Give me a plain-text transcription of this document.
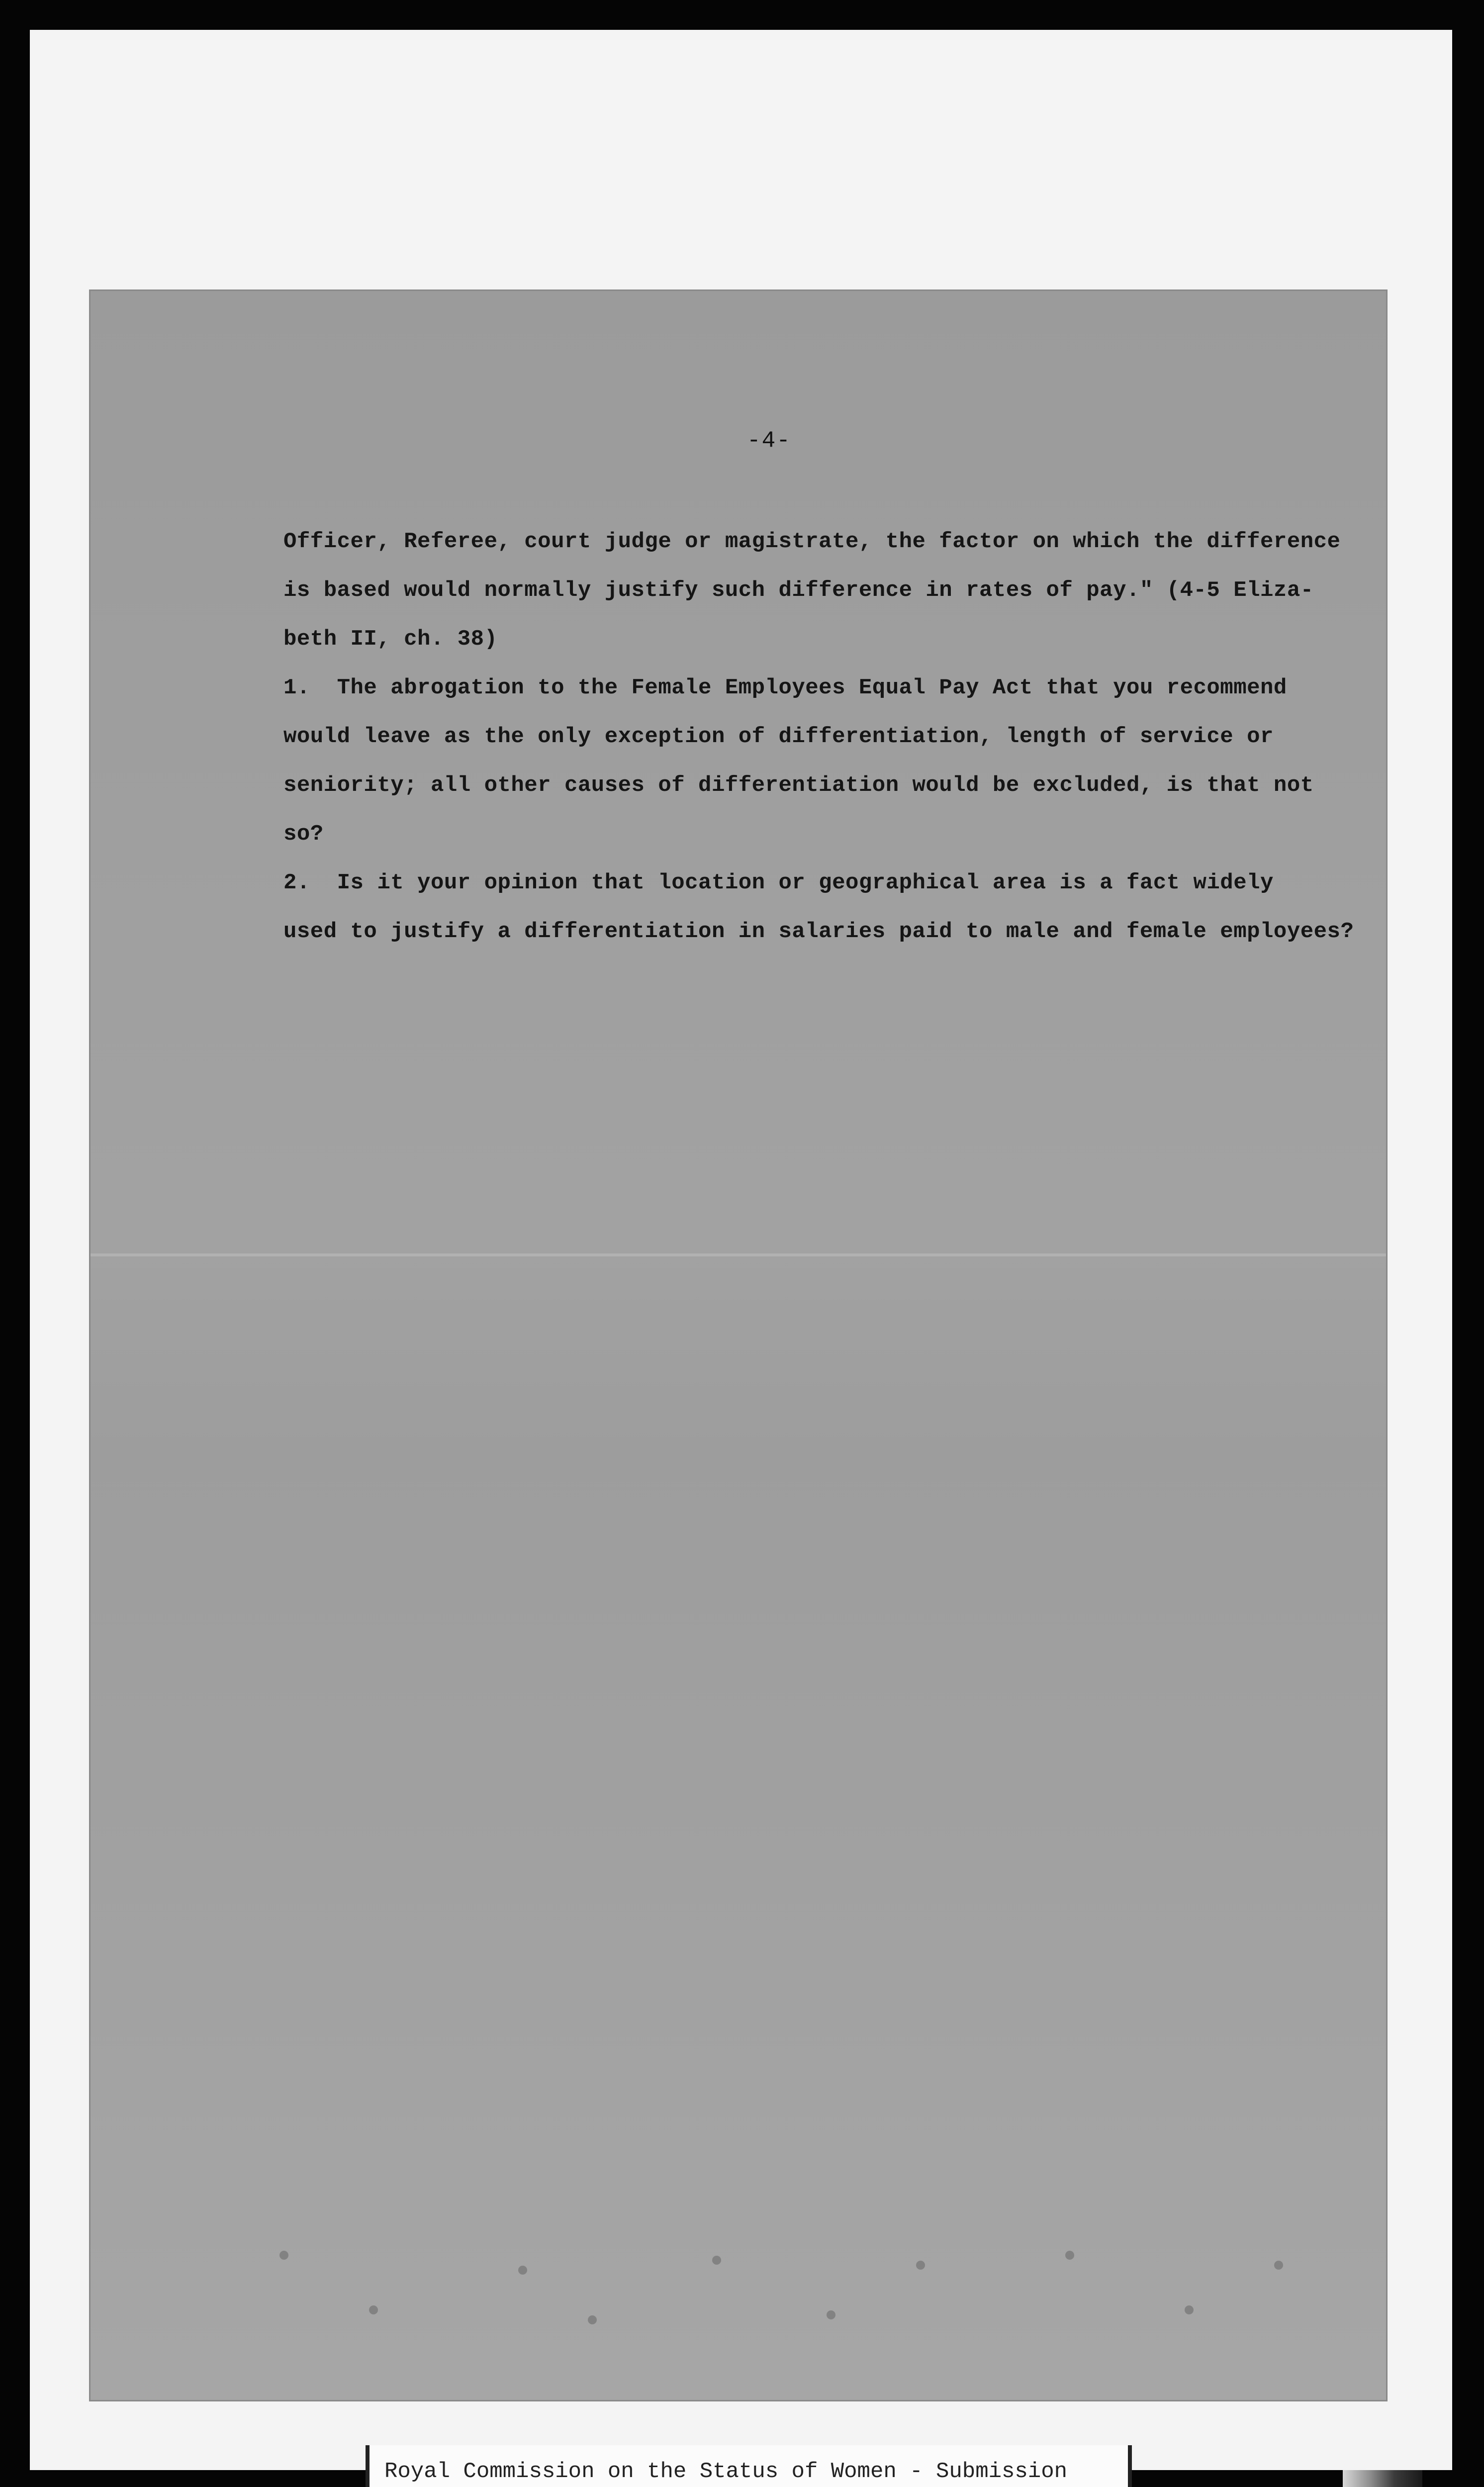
-4-

Officer, Referee, court judge or magistrate, the factor on which the difference

is based would normally justify such difference in rates of pay." (4-5 Eliza-

beth II, ch. 38)

1.  The abrogation to the Female Employees Equal Pay Act that you recommend

would leave as the only exception of differentiation, length of service or

seniority; all other causes of differentiation would be excluded, is that not

so?

2.  Is it your opinion that location or geographical area is a fact widely

used to justify a differentiation in salaries paid to male and female employees?

Royal Commission on the Status of Women - Submission
